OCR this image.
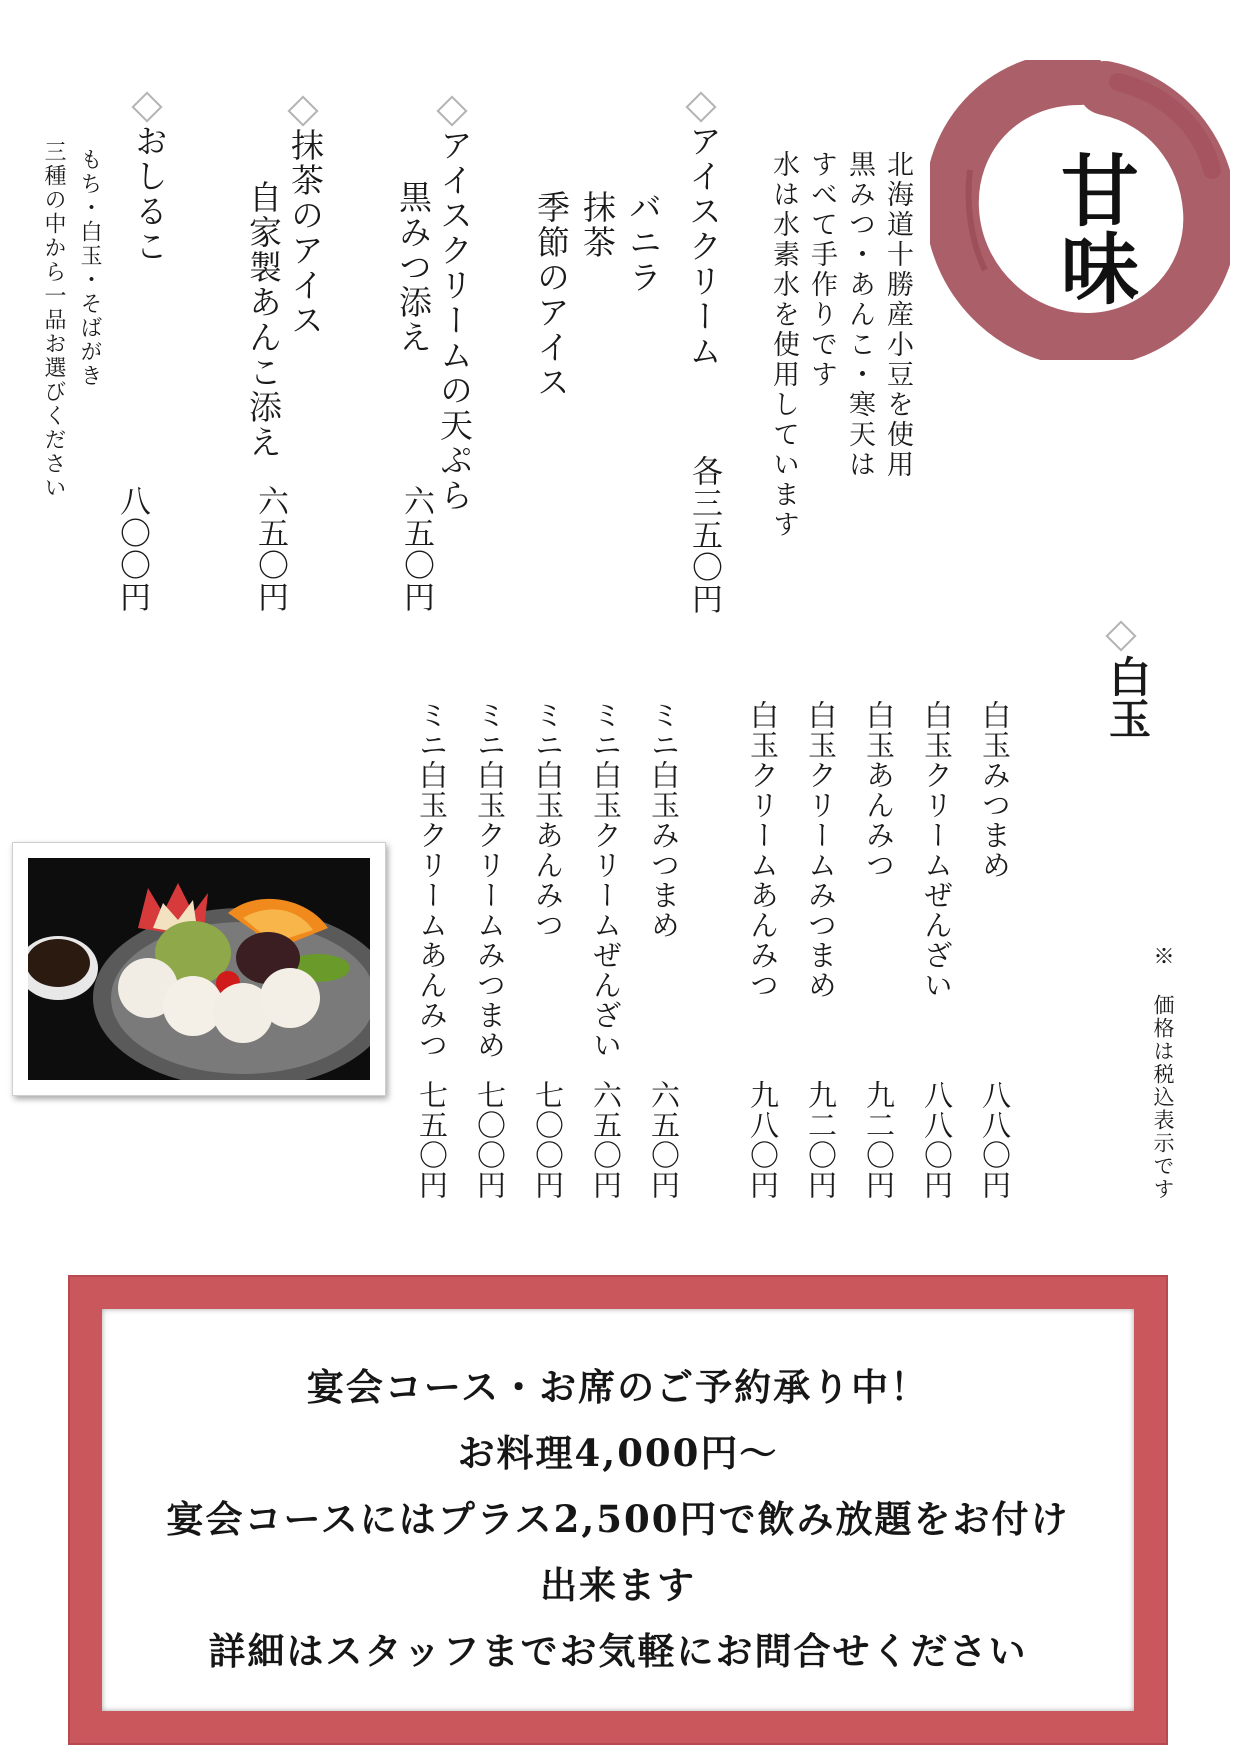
甘味
北海道十勝産小豆を使用
黒みつ・あんこ・寒天は
すべて手作りです
水は水素水を使用しています
アイスクリーム
バニラ
抹茶
季節のアイス
各三五〇円
アイスクリームの天ぷら
黒みつ添え
六五〇円
抹茶のアイス
自家製あんこ添え
六五〇円
おしるこ
もち・白玉・そばがき
三種の中から一品お選びください
八〇〇円
白玉
白玉みつまめ
白玉クリームぜんざい
白玉あんみつ
白玉クリームみつまめ
白玉クリームあんみつ
ミニ白玉みつまめ
ミニ白玉クリームぜんざい
ミニ白玉あんみつ
ミニ白玉クリームみつまめ
ミニ白玉クリームあんみつ
八八〇円
八八〇円
九二〇円
九二〇円
九八〇円
六五〇円
六五〇円
七〇〇円
七〇〇円
七五〇円	※ 価格は税込表示です
宴会コース・お席のご予約承り中！
お料理4,000円～
宴会コースにはプラス2,500円で飲み放題をお付け
出来ます
詳細はスタッフまでお気軽にお問合せください
